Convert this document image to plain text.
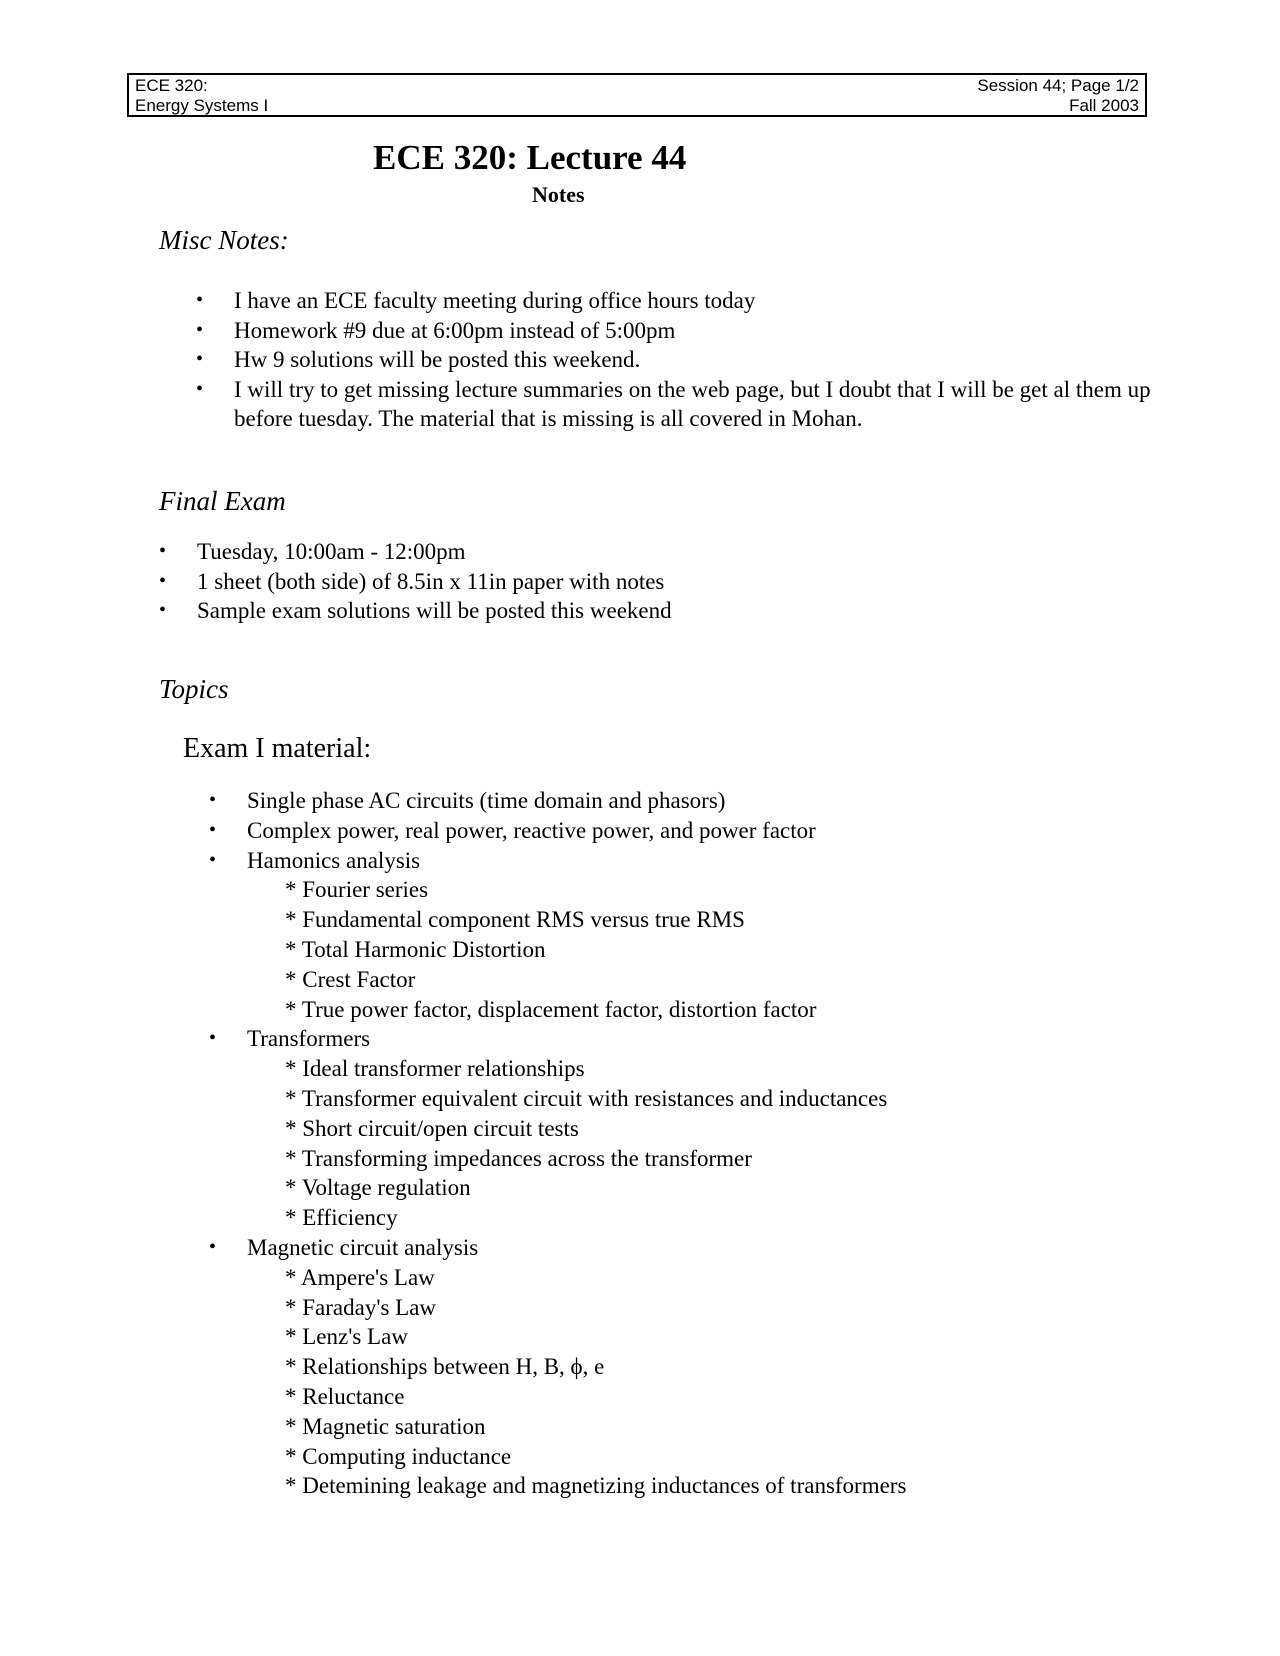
ECE 320:
Energy Systems I
Session 44; Page 1/2
Fall 2003
ECE 320: Lecture 44
Notes
Misc Notes:
• I have an ECE faculty meeting during office hours today
• Homework #9 due at 6:00pm instead of 5:00pm
• Hw 9 solutions will be posted this weekend.
• I will try to get missing lecture summaries on the web page, but I doubt that I will be get al them up before tuesday. The material that is missing is all covered in Mohan.
Final Exam
• Tuesday, 10:00am - 12:00pm
• 1 sheet (both side) of 8.5in x 11in paper with notes
• Sample exam solutions will be posted this weekend
Topics
Exam I material:
• Single phase AC circuits (time domain and phasors)
• Complex power, real power, reactive power, and power factor
• Hamonics analysis
* Fourier series
* Fundamental component RMS versus true RMS
* Total Harmonic Distortion
* Crest Factor
* True power factor, displacement factor, distortion factor
• Transformers
* Ideal transformer relationships
* Transformer equivalent circuit with resistances and inductances
* Short circuit/open circuit tests
* Transforming impedances across the transformer
* Voltage regulation
* Efficiency
• Magnetic circuit analysis
* Ampere's Law
* Faraday's Law
* Lenz's Law
* Relationships between H, B, ϕ, e
* Reluctance
* Magnetic saturation
* Computing inductance
* Detemining leakage and magnetizing inductances of transformers
